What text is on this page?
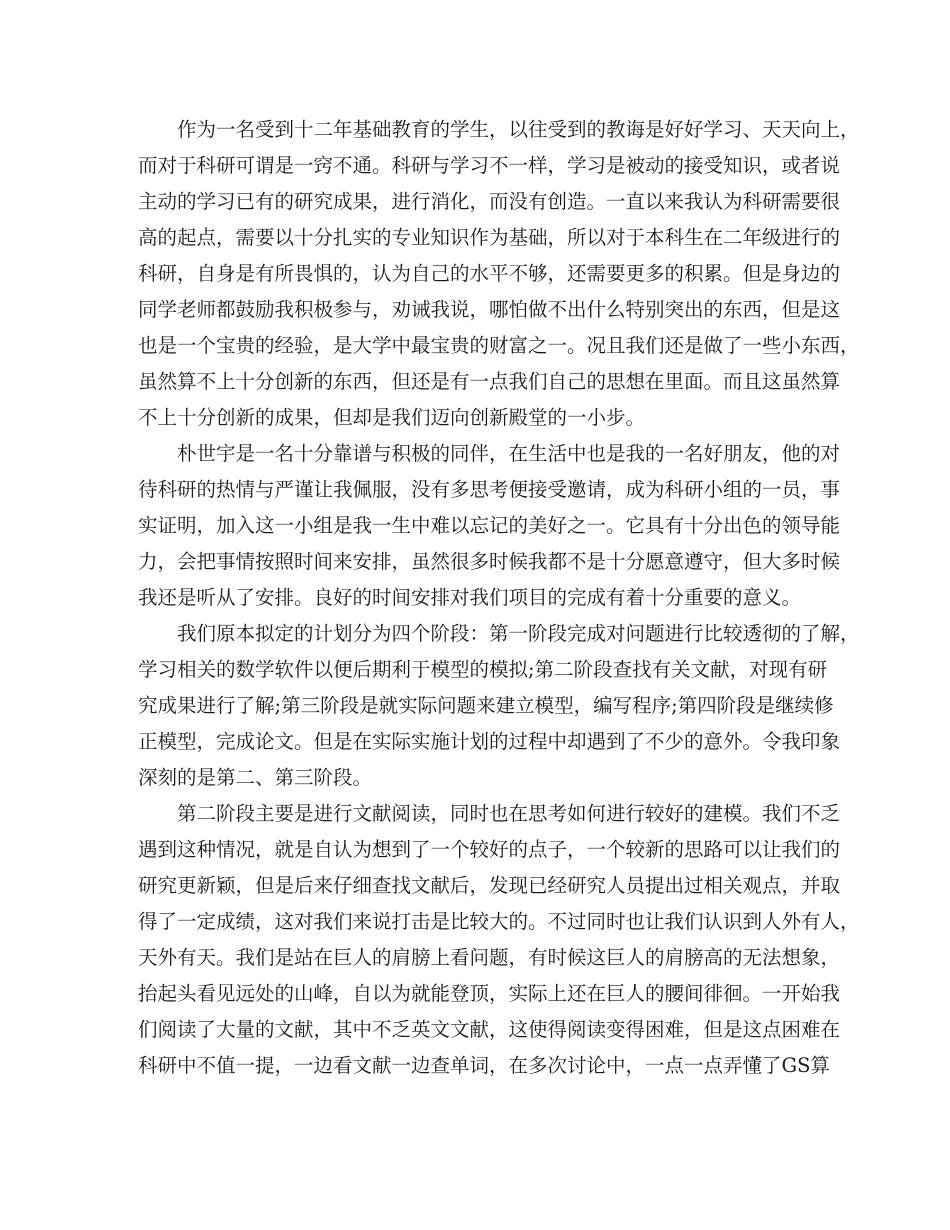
　　作为一名受到十二年基础教育的学生，以往受到的教诲是好好学习、天天向上，

而对于科研可谓是一窍不通。科研与学习不一样，学习是被动的接受知识，或者说

主动的学习已有的研究成果，进行消化，而没有创造。一直以来我认为科研需要很

高的起点，需要以十分扎实的专业知识作为基础，所以对于本科生在二年级进行的

科研，自身是有所畏惧的，认为自己的水平不够，还需要更多的积累。但是身边的

同学老师都鼓励我积极参与，劝诫我说，哪怕做不出什么特别突出的东西，但是这

也是一个宝贵的经验，是大学中最宝贵的财富之一。况且我们还是做了一些小东西，

虽然算不上十分创新的东西，但还是有一点我们自己的思想在里面。而且这虽然算

不上十分创新的成果，但却是我们迈向创新殿堂的一小步。

　　朴世宇是一名十分靠谱与积极的同伴，在生活中也是我的一名好朋友，他的对

待科研的热情与严谨让我佩服，没有多思考便接受邀请，成为科研小组的一员，事

实证明，加入这一小组是我一生中难以忘记的美好之一。它具有十分出色的领导能

力，会把事情按照时间来安排，虽然很多时候我都不是十分愿意遵守，但大多时候

我还是听从了安排。良好的时间安排对我们项目的完成有着十分重要的意义。

　　我们原本拟定的计划分为四个阶段：第一阶段完成对问题进行比较透彻的了解，

学习相关的数学软件以便后期利于模型的模拟;第二阶段查找有关文献，对现有研

究成果进行了解;第三阶段是就实际问题来建立模型，编写程序;第四阶段是继续修

正模型，完成论文。但是在实际实施计划的过程中却遇到了不少的意外。令我印象

深刻的是第二、第三阶段。

　　第二阶段主要是进行文献阅读，同时也在思考如何进行较好的建模。我们不乏

遇到这种情况，就是自认为想到了一个较好的点子，一个较新的思路可以让我们的

研究更新颖，但是后来仔细查找文献后，发现已经研究人员提出过相关观点，并取

得了一定成绩，这对我们来说打击是比较大的。不过同时也让我们认识到人外有人，

天外有天。我们是站在巨人的肩膀上看问题，有时候这巨人的肩膀高的无法想象，

抬起头看见远处的山峰，自以为就能登顶，实际上还在巨人的腰间徘徊。一开始我

们阅读了大量的文献，其中不乏英文文献，这使得阅读变得困难，但是这点困难在

科研中不值一提，一边看文献一边查单词，在多次讨论中，一点一点弄懂了GS算
